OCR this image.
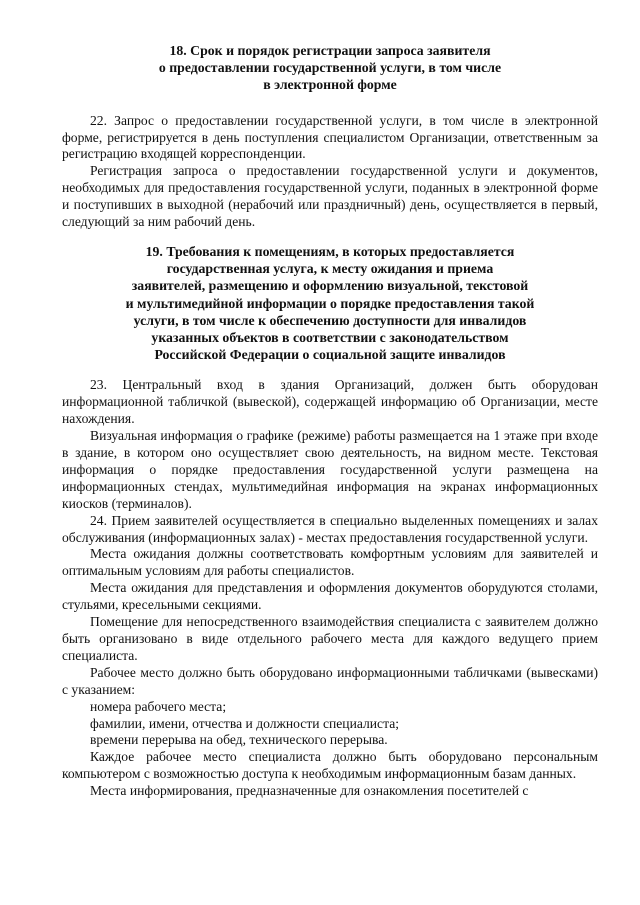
18. Срок и порядок регистрации запроса заявителя
о предоставлении государственной услуги, в том числе
в электронной форме

22. Запрос о предоставлении государственной услуги, в том числе в электронной форме, регистрируется в день поступления специалистом Организации, ответственным за регистрацию входящей корреспонденции.

Регистрация запроса о предоставлении государственной услуги и документов, необходимых для предоставления государственной услуги, поданных в электронной форме и поступивших в выходной (нерабочий или праздничный) день, осуществляется в первый, следующий за ним рабочий день.

19. Требования к помещениям, в которых предоставляется
государственная услуга, к месту ожидания и приема
заявителей, размещению и оформлению визуальной, текстовой
и мультимедийной информации о порядке предоставления такой
услуги, в том числе к обеспечению доступности для инвалидов
указанных объектов в соответствии с законодательством
Российской Федерации о социальной защите инвалидов

23. Центральный вход в здания Организаций, должен быть оборудован информационной табличкой (вывеской), содержащей информацию об Организации, месте нахождения.

Визуальная информация о графике (режиме) работы размещается на 1 этаже при входе в здание, в котором оно осуществляет свою деятельность, на видном месте. Текстовая информация о порядке предоставления государственной услуги размещена на информационных стендах, мультимедийная информация на экранах информационных киосков (терминалов).

24. Прием заявителей осуществляется в специально выделенных помещениях и залах обслуживания (информационных залах) - местах предоставления государственной услуги.

Места ожидания должны соответствовать комфортным условиям для заявителей и оптимальным условиям для работы специалистов.

Места ожидания для представления и оформления документов оборудуются столами, стульями, кресельными секциями.

Помещение для непосредственного взаимодействия специалиста с заявителем должно быть организовано в виде отдельного рабочего места для каждого ведущего прием специалиста.

Рабочее место должно быть оборудовано информационными табличками (вывесками) с указанием:

номера рабочего места;

фамилии, имени, отчества и должности специалиста;

времени перерыва на обед, технического перерыва.

Каждое рабочее место специалиста должно быть оборудовано персональным компьютером с возможностью доступа к необходимым информационным базам данных.

Места информирования, предназначенные для ознакомления посетителей с
